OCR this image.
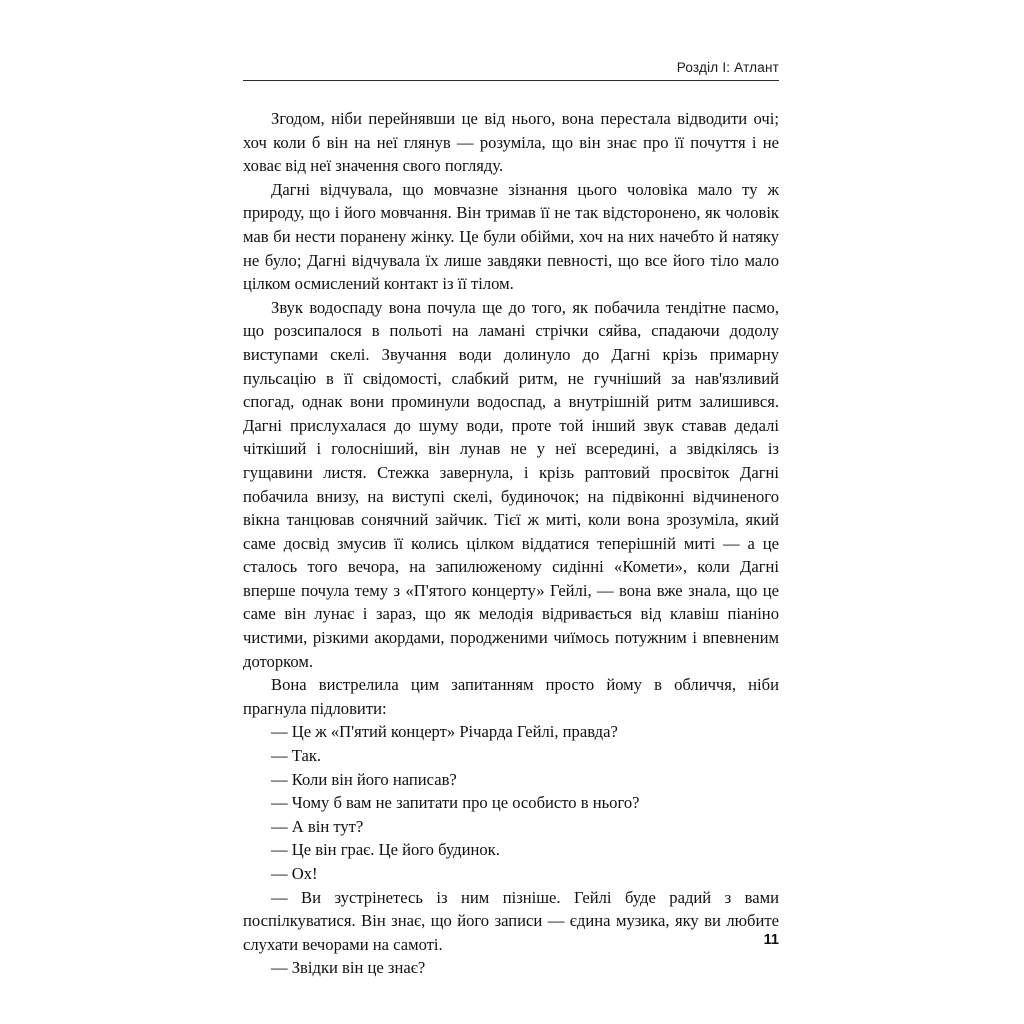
Розділ I: Атлант

Згодом, ніби перейнявши це від нього, вона перестала відводити очі; хоч коли б він на неї глянув — розуміла, що він знає про її почуття і не ховає від неї значення свого погляду.

Дагні відчувала, що мовчазне зізнання цього чоловіка мало ту ж природу, що і його мовчання. Він тримав її не так відсторонено, як чоловік мав би нести поранену жінку. Це були обійми, хоч на них начебто й натяку не було; Дагні відчувала їх лише завдяки певності, що все його тіло мало цілком осмислений контакт із її тілом.

Звук водоспаду вона почула ще до того, як побачила тендітне пасмо, що розсипалося в польоті на ламані стрічки сяйва, спадаючи додолу виступами скелі. Звучання води долинуло до Дагні крізь примарну пульсацію в її свідомості, слабкий ритм, не гучніший за нав'язливий спогад, однак вони проминули водоспад, а внутрішній ритм залишився. Дагні прислухалася до шуму води, проте той інший звук ставав дедалі чіткіший і голосніший, він лунав не у неї всередині, а звідкілясь із гущавини листя. Стежка завернула, і крізь раптовий просвіток Дагні побачила внизу, на виступі скелі, будиночок; на підвіконні відчиненого вікна танцював сонячний зайчик. Тієї ж миті, коли вона зрозуміла, який саме досвід змусив її колись цілком віддатися теперішній миті — а це сталось того вечора, на запилюженому сидінні «Комети», коли Дагні вперше почула тему з «П'ятого концерту» Гейлі, — вона вже знала, що це саме він лунає і зараз, що як мелодія відривається від клавіш піаніно чистими, різкими акордами, породженими чиїмось потужним і впевненим доторком.

Вона вистрелила цим запитанням просто йому в обличчя, ніби прагнула підловити:

— Це ж «П'ятий концерт» Річарда Гейлі, правда?

— Так.

— Коли він його написав?

— Чому б вам не запитати про це особисто в нього?

— А він тут?

— Це він грає. Це його будинок.

— Ох!

— Ви зустрінетесь із ним пізніше. Гейлі буде радий з вами поспілкуватися. Він знає, що його записи — єдина музика, яку ви любите слухати вечорами на самоті.

— Звідки він це знає?

11
